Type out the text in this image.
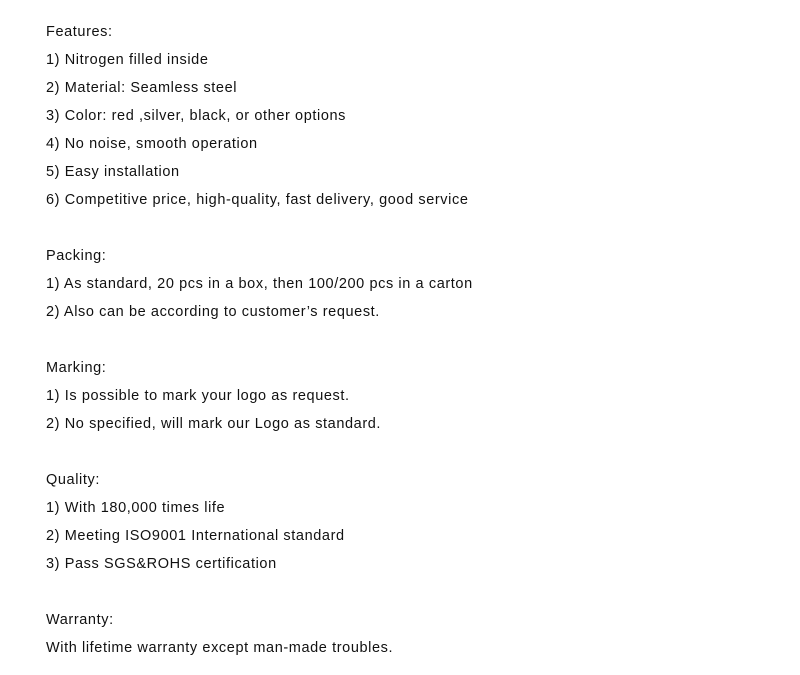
Features:
1) Nitrogen filled inside
2) Material: Seamless steel
3) Color: red ,silver, black, or other options
4) No noise, smooth operation
5) Easy installation
6) Competitive price, high-quality, fast delivery, good service
Packing:
1) As standard, 20 pcs in a box, then 100/200 pcs in a carton
2) Also can be according to customer’s request.
Marking:
1) Is possible to mark your logo as request.
2) No specified, will mark our Logo as standard.
Quality:
1) With 180,000 times life
2) Meeting ISO9001 International standard
3) Pass SGS&ROHS certification
Warranty:
With lifetime warranty except man-made troubles.
